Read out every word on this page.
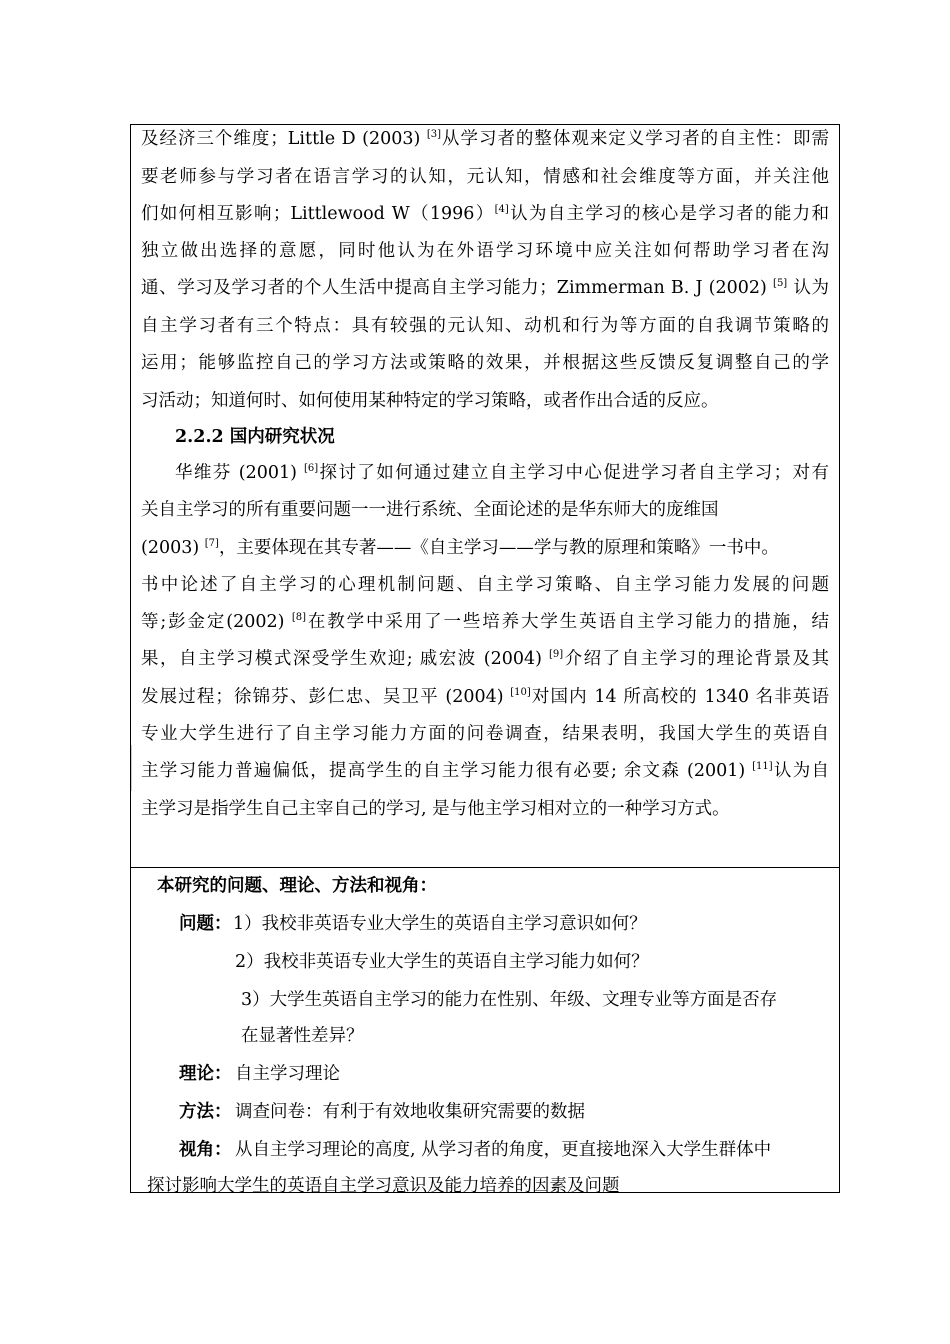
及经济三个维度；Little D (2003) [3]从学习者的整体观来定义学习者的自主性：即需
要老师参与学习者在语言学习的认知，元认知，情感和社会维度等方面，并关注他
们如何相互影响；Littlewood W（1996）[4]认为自主学习的核心是学习者的能力和
独立做出选择的意愿，同时他认为在外语学习环境中应关注如何帮助学习者在沟
通、学习及学习者的个人生活中提高自主学习能力；Zimmerman B. J (2002) [5] 认为
自主学习者有三个特点：具有较强的元认知、动机和行为等方面的自我调节策略的
运用；能够监控自己的学习方法或策略的效果，并根据这些反馈反复调整自己的学
习活动；知道何时、如何使用某种特定的学习策略，或者作出合适的反应。
2.2.2 国内研究状况
华维芬 (2001) [6]探讨了如何通过建立自主学习中心促进学习者自主学习；对有
关自主学习的所有重要问题一一进行系统、全面论述的是华东师大的庞维国
(2003) [7]，主要体现在其专著——《自主学习——学与教的原理和策略》一书中。
书中论述了自主学习的心理机制问题、自主学习策略、自主学习能力发展的问题
等;彭金定(2002) [8]在教学中采用了一些培养大学生英语自主学习能力的措施，结
果，自主学习模式深受学生欢迎; 戚宏波 (2004) [9]介绍了自主学习的理论背景及其
发展过程；徐锦芬、彭仁忠、吴卫平 (2004) [10]对国内 14 所高校的 1340 名非英语
专业大学生进行了自主学习能力方面的问卷调查，结果表明，我国大学生的英语自
主学习能力普遍偏低，提高学生的自主学习能力很有必要; 余文森 (2001) [11]认为自
主学习是指学生自己主宰自己的学习, 是与他主学习相对立的一种学习方式。
本研究的问题、理论、方法和视角：
问题： 1）我校非英语专业大学生的英语自主学习意识如何？
2）我校非英语专业大学生的英语自主学习能力如何？
3）大学生英语自主学习的能力在性别、年级、文理专业等方面是否存
在显著性差异？
理论： 自主学习理论
方法： 调查问卷：有利于有效地收集研究需要的数据
视角： 从自主学习理论的高度, 从学习者的角度，更直接地深入大学生群体中
探讨影响大学生的英语自主学习意识及能力培养的因素及问题
